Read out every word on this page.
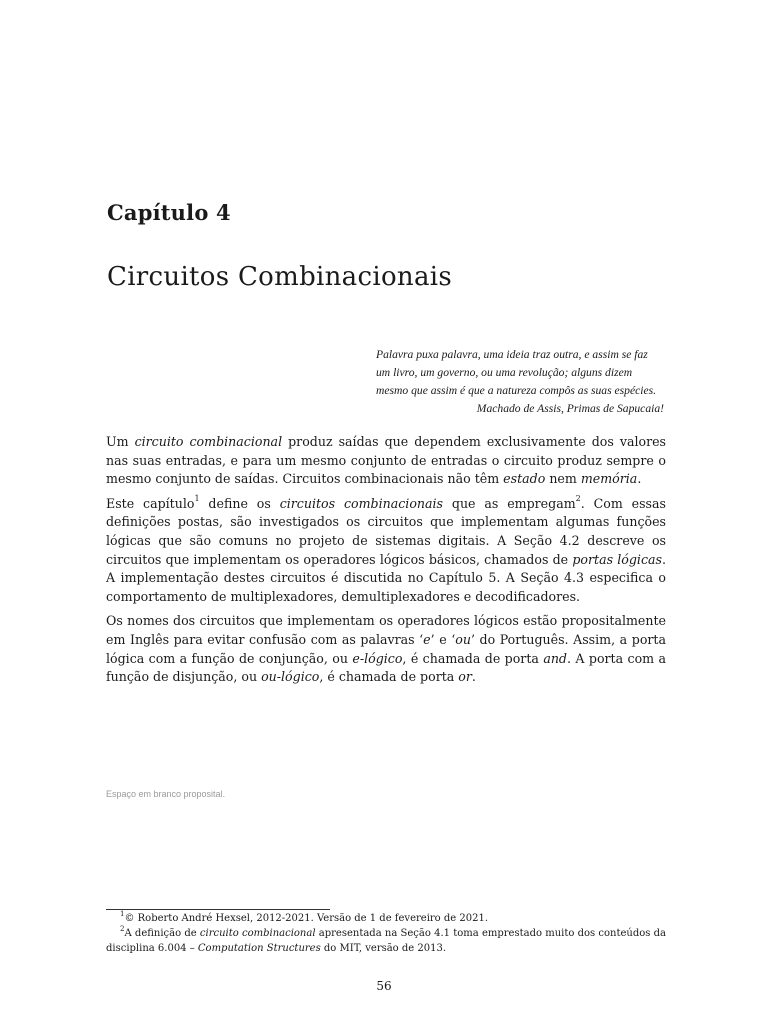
Capítulo 4
Circuitos Combinacionais
Palavra puxa palavra, uma ideia traz outra, e assim se faz
um livro, um governo, ou uma revolução; alguns dizem
mesmo que assim é que a natureza compôs as suas espécies.
Machado de Assis, Primas de Sapucaia!

Um circuito combinacional produz saídas que dependem exclusivamente dos valores nas suas entradas, e para um mesmo conjunto de entradas o circuito produz sempre o mesmo conjunto de saídas. Circuitos combinacionais não têm estado nem memória.

Este capítulo$^1$ define os circuitos combinacionais que as empregam$^2$. Com essas definições postas, são investigados os circuitos que implementam algumas funções lógicas que são comuns no projeto de sistemas digitais. A Seção 4.2 descreve os circuitos que implementam os operadores lógicos básicos, chamados de portas lógicas. A implementação destes circuitos é discutida no Capítulo 5. A Seção 4.3 especifica o comportamento de multiplexadores, demultiplexadores e decodificadores.

Os nomes dos circuitos que implementam os operadores lógicos estão propositalmente em Inglês para evitar confusão com as palavras ‘e’ e ‘ou’ do Português. Assim, a porta lógica com a função de conjunção, ou e-lógico, é chamada de porta and. A porta com a função de disjunção, ou ou-lógico, é chamada de porta or.

Espaço em branco proposital.

$^1$© Roberto André Hexsel, 2012-2021. Versão de 1 de fevereiro de 2021.

$^2$A definição de circuito combinacional apresentada na Seção 4.1 toma emprestado muito dos conteúdos da disciplina 6.004 – Computation Structures do MIT, versão de 2013.

56
